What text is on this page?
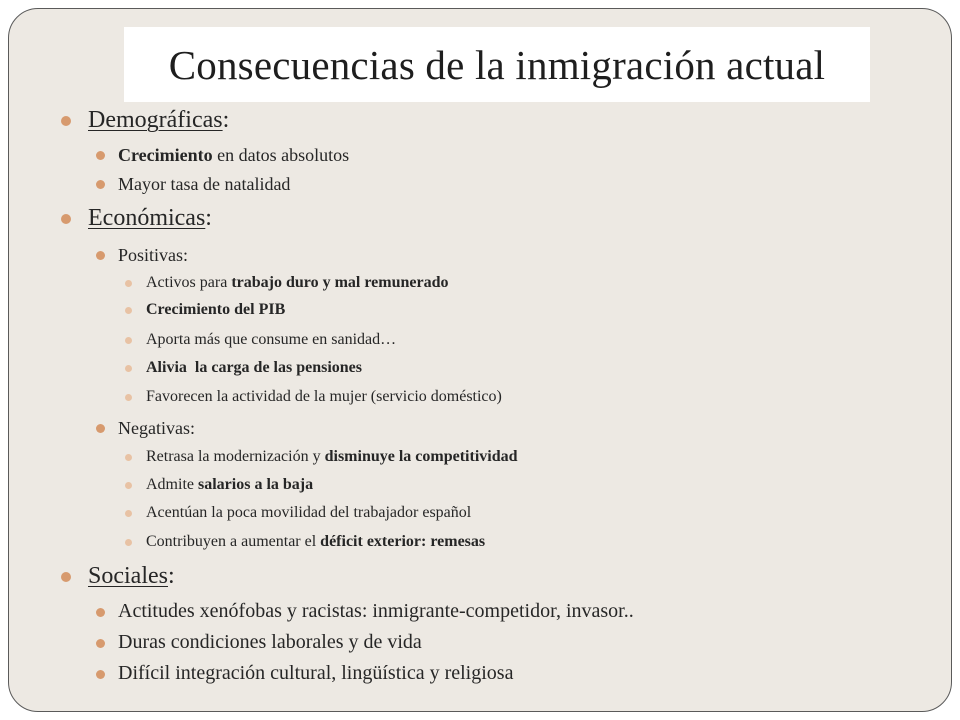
Consecuencias de la inmigración actual
Demográficas:
Crecimiento en datos absolutos
Mayor tasa de natalidad
Económicas:
Positivas:
Activos para trabajo duro y mal remunerado
Crecimiento del PIB
Aporta más que consume en sanidad…
Alivia  la carga de las pensiones
Favorecen la actividad de la mujer (servicio doméstico)
Negativas:
Retrasa la modernización y disminuye la competitividad
Admite salarios a la baja
Acentúan la poca movilidad del trabajador español
Contribuyen a aumentar el déficit exterior: remesas
Sociales:
Actitudes xenófobas y racistas: inmigrante-competidor, invasor..
Duras condiciones laborales y de vida
Difícil integración cultural, lingüística y religiosa
